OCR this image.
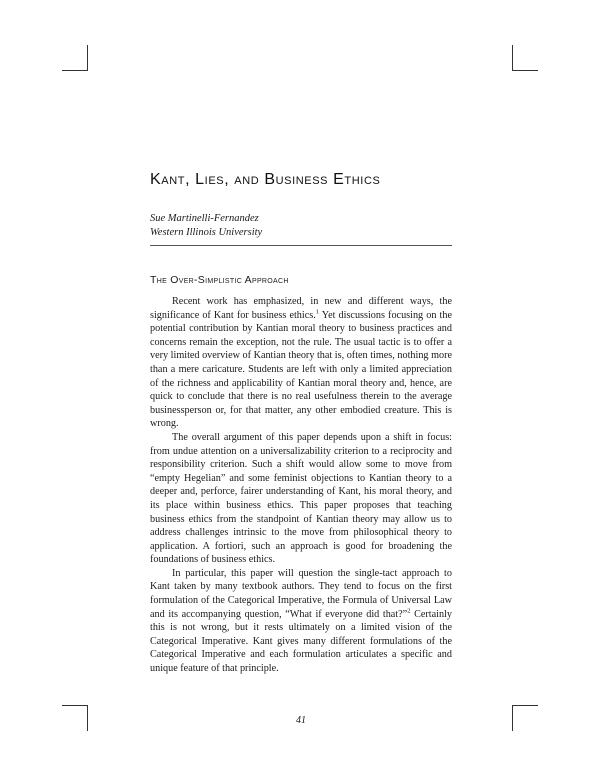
Kant, Lies, and Business Ethics
Sue Martinelli-Fernandez
Western Illinois University
The Over-Simplistic Approach

Recent work has emphasized, in new and different ways, the significance of Kant for business ethics.$^1$ Yet discussions focusing on the potential contribution by Kantian moral theory to business practices and concerns remain the exception, not the rule. The usual tactic is to offer a very limited overview of Kantian theory that is, often times, nothing more than a mere caricature. Students are left with only a limited appreciation of the richness and applicability of Kantian moral theory and, hence, are quick to conclude that there is no real usefulness therein to the average businessperson or, for that matter, any other embodied creature. This is wrong.

The overall argument of this paper depends upon a shift in focus: from undue attention on a universalizability criterion to a reciprocity and responsibility criterion. Such a shift would allow some to move from “empty Hegelian” and some feminist objections to Kantian theory to a deeper and, perforce, fairer understanding of Kant, his moral theory, and its place within business ethics. This paper proposes that teaching business ethics from the standpoint of Kantian theory may allow us to address challenges intrinsic to the move from philosophical theory to application. A fortiori, such an approach is good for broadening the foundations of business ethics.

In particular, this paper will question the single-tact approach to Kant taken by many textbook authors. They tend to focus on the first formulation of the Categorical Imperative, the Formula of Universal Law and its accompanying question, “What if everyone did that?”$^2$ Certainly this is not wrong, but it rests ultimately on a limited vision of the Categorical Imperative. Kant gives many different formulations of the Categorical Imperative and each formulation articulates a specific and unique feature of that principle.

41
